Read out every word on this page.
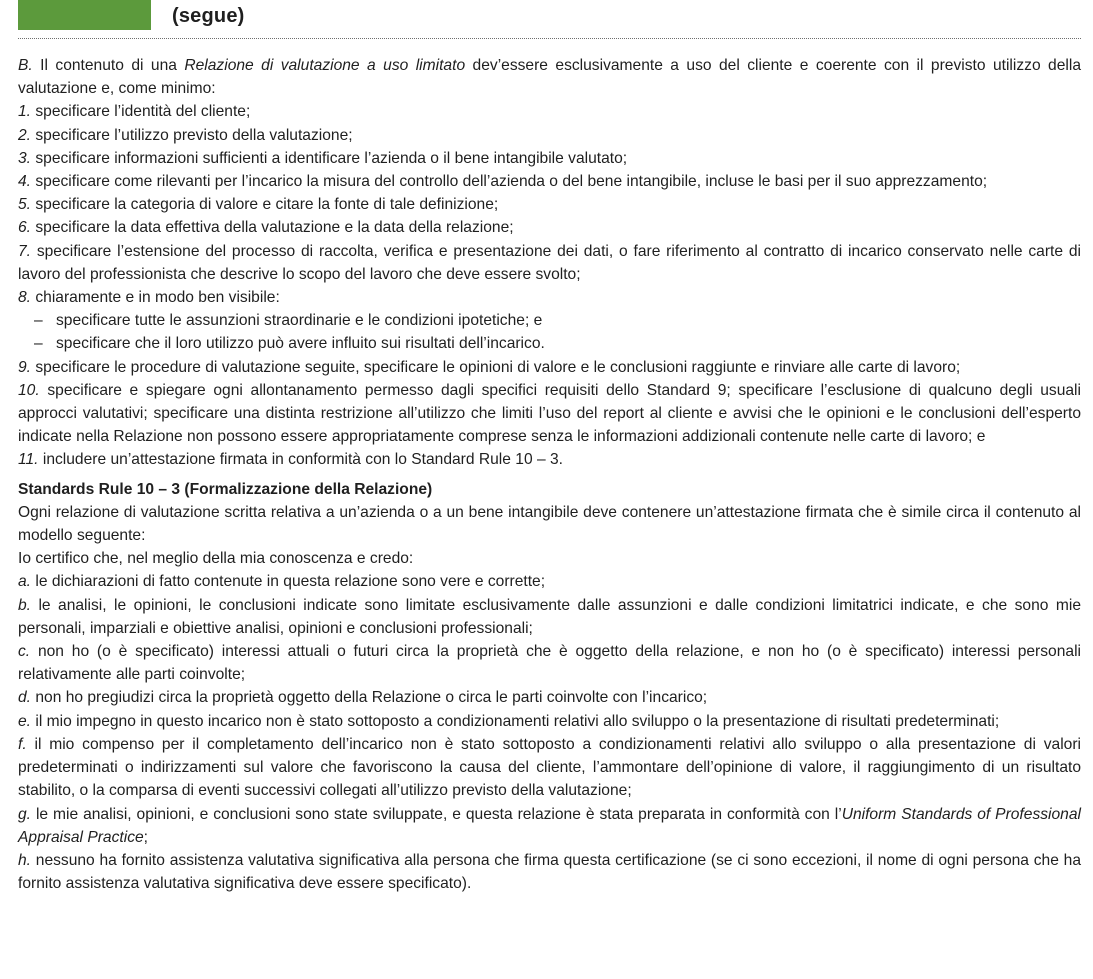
(segue)

B. Il contenuto di una Relazione di valutazione a uso limitato dev’essere esclusivamente a uso del cliente e coerente con il previsto utilizzo della valutazione e, come minimo:

1. specificare l’identità del cliente;

2. specificare l’utilizzo previsto della valutazione;

3. specificare informazioni sufficienti a identificare l’azienda o il bene intangibile valutato;

4. specificare come rilevanti per l’incarico la misura del controllo dell’azienda o del bene intangibile, incluse le basi per il suo apprezzamento;

5. specificare la categoria di valore e citare la fonte di tale definizione;

6. specificare la data effettiva della valutazione e la data della relazione;

7. specificare l’estensione del processo di raccolta, verifica e presentazione dei dati, o fare riferimento al contratto di incarico conservato nelle carte di lavoro del professionista che descrive lo scopo del lavoro che deve essere svolto;

8. chiaramente e in modo ben visibile:

– specificare tutte le assunzioni straordinarie e le condizioni ipotetiche; e
– specificare che il loro utilizzo può avere influito sui risultati dell’incarico.

9. specificare le procedure di valutazione seguite, specificare le opinioni di valore e le conclusioni raggiunte e rinviare alle carte di lavoro;

10. specificare e spiegare ogni allontanamento permesso dagli specifici requisiti dello Standard 9; specificare l’esclusione di qualcuno degli usuali approcci valutativi; specificare una distinta restrizione all’utilizzo che limiti l’uso del report al cliente e avvisi che le opinioni e le conclusioni dell’esperto indicate nella Relazione non possono essere appropriatamente comprese senza le informazioni addizionali contenute nelle carte di lavoro; e

11. includere un’attestazione firmata in conformità con lo Standard Rule 10 – 3.

Standards Rule 10 – 3 (Formalizzazione della Relazione)

Ogni relazione di valutazione scritta relativa a un’azienda o a un bene intangibile deve contenere un’attestazione firmata che è simile circa il contenuto al modello seguente:

Io certifico che, nel meglio della mia conoscenza e credo:

a. le dichiarazioni di fatto contenute in questa relazione sono vere e corrette;

b. le analisi, le opinioni, le conclusioni indicate sono limitate esclusivamente dalle assunzioni e dalle condizioni limitatrici indicate, e che sono mie personali, imparziali e obiettive analisi, opinioni e conclusioni professionali;

c. non ho (o è specificato) interessi attuali o futuri circa la proprietà che è oggetto della relazione, e non ho (o è specificato) interessi personali relativamente alle parti coinvolte;

d. non ho pregiudizi circa la proprietà oggetto della Relazione o circa le parti coinvolte con l’incarico;

e. il mio impegno in questo incarico non è stato sottoposto a condizionamenti relativi allo sviluppo o la presentazione di risultati predeterminati;

f. il mio compenso per il completamento dell’incarico non è stato sottoposto a condizionamenti relativi allo sviluppo o alla presentazione di valori predeterminati o indirizzamenti sul valore che favoriscono la causa del cliente, l’ammontare dell’opinione di valore, il raggiungimento di un risultato stabilito, o la comparsa di eventi successivi collegati all’utilizzo previsto della valutazione;

g. le mie analisi, opinioni, e conclusioni sono state sviluppate, e questa relazione è stata preparata in conformità con l’Uniform Standards of Professional Appraisal Practice;

h. nessuno ha fornito assistenza valutativa significativa alla persona che firma questa certificazione (se ci sono eccezioni, il nome di ogni persona che ha fornito assistenza valutativa significativa deve essere specificato).
